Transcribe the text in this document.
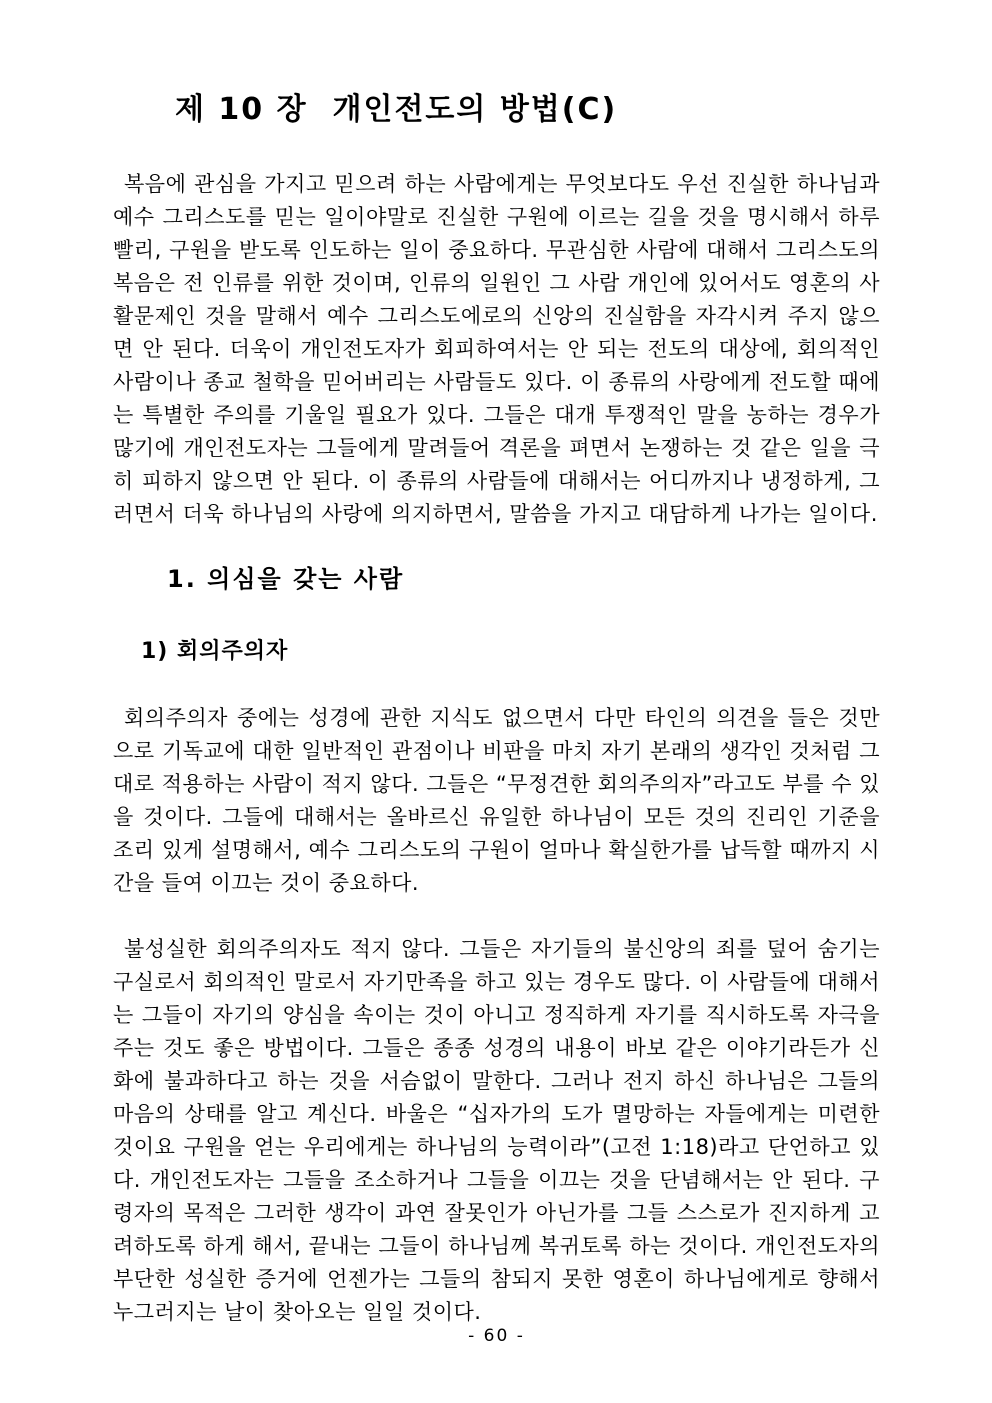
제 10 장  개인전도의 방법(C)

복음에 관심을 가지고 믿으려 하는 사람에게는 무엇보다도 우선 진실한 하나님과 예수 그리스도를 믿는 일이야말로 진실한 구원에 이르는 길을 것을 명시해서 하루 빨리, 구원을 받도록 인도하는 일이 중요하다. 무관심한 사람에 대해서 그리스도의 복음은 전 인류를 위한 것이며, 인류의 일원인 그 사람 개인에 있어서도 영혼의 사활문제인 것을 말해서 예수 그리스도에로의 신앙의 진실함을 자각시켜 주지 않으면 안 된다. 더욱이 개인전도자가 회피하여서는 안 되는 전도의 대상에, 회의적인 사람이나 종교 철학을 믿어버리는 사람들도 있다. 이 종류의 사랑에게 전도할 때에는 특별한 주의를 기울일 필요가 있다. 그들은 대개 투쟁적인 말을 농하는 경우가 많기에 개인전도자는 그들에게 말려들어 격론을 펴면서 논쟁하는 것 같은 일을 극히 피하지 않으면 안 된다. 이 종류의 사람들에 대해서는 어디까지나 냉정하게, 그러면서 더욱 하나님의 사랑에 의지하면서, 말씀을 가지고 대담하게 나가는 일이다.

1. 의심을 갖는 사람
1) 회의주의자

회의주의자 중에는 성경에 관한 지식도 없으면서 다만 타인의 의견을 들은 것만으로 기독교에 대한 일반적인 관점이나 비판을 마치 자기 본래의 생각인 것처럼 그대로 적용하는 사람이 적지 않다. 그들은 “무정견한 회의주의자”라고도 부를 수 있을 것이다. 그들에 대해서는 올바르신 유일한 하나님이 모든 것의 진리인 기준을 조리 있게 설명해서, 예수 그리스도의 구원이 얼마나 확실한가를 납득할 때까지 시간을 들여 이끄는 것이 중요하다.

불성실한 회의주의자도 적지 않다. 그들은 자기들의 불신앙의 죄를 덮어 숨기는 구실로서 회의적인 말로서 자기만족을 하고 있는 경우도 많다. 이 사람들에 대해서는 그들이 자기의 양심을 속이는 것이 아니고 정직하게 자기를 직시하도록 자극을 주는 것도 좋은 방법이다. 그들은 종종 성경의 내용이 바보 같은 이야기라든가 신화에 불과하다고 하는 것을 서슴없이 말한다. 그러나 전지 하신 하나님은 그들의 마음의 상태를 알고 계신다. 바울은 “십자가의 도가 멸망하는 자들에게는 미련한 것이요 구원을 얻는 우리에게는 하나님의 능력이라”(고전 1:18)라고 단언하고 있다. 개인전도자는 그들을 조소하거나 그들을 이끄는 것을 단념해서는 안 된다. 구령자의 목적은 그러한 생각이 과연 잘못인가 아닌가를 그들 스스로가 진지하게 고려하도록 하게 해서, 끝내는 그들이 하나님께 복귀토록 하는 것이다. 개인전도자의 부단한 성실한 증거에 언젠가는 그들의 참되지 못한 영혼이 하나님에게로 향해서 누그러지는 날이 찾아오는 일일 것이다.

- 60 -
